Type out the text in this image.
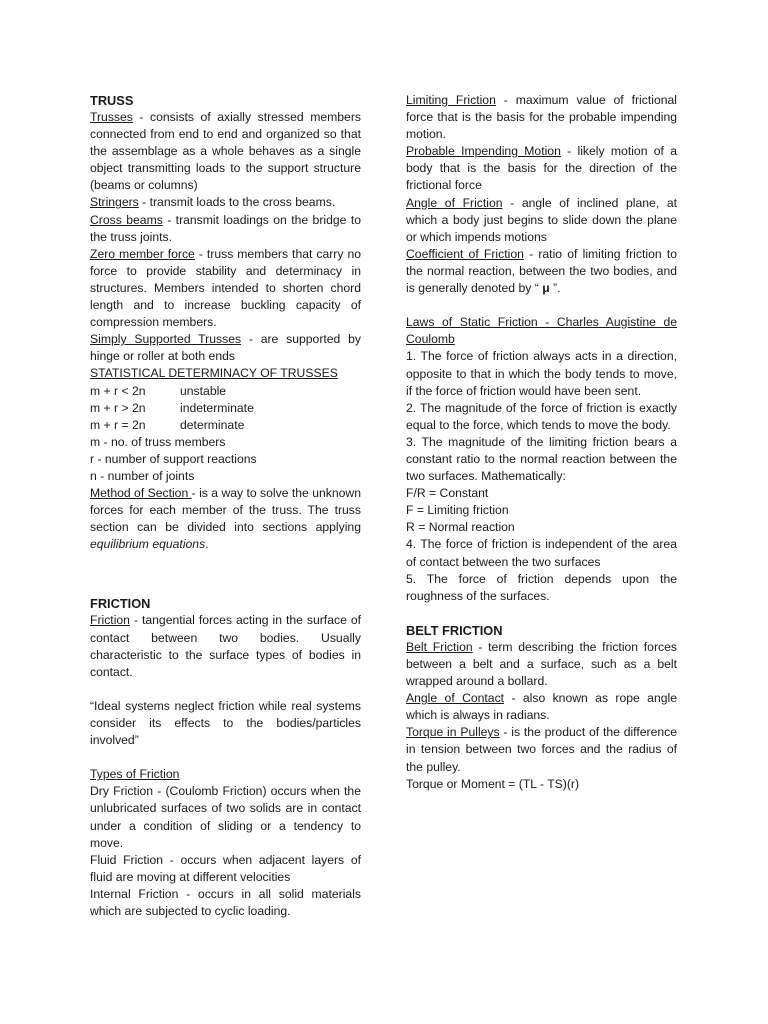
TRUSS

Trusses - consists of axially stressed members connected from end to end and organized so that the assemblage as a whole behaves as a single object transmitting loads to the support structure (beams or columns)

Stringers - transmit loads to the cross beams.

Cross beams - transmit loadings on the bridge to the truss joints.

Zero member force - truss members that carry no force to provide stability and determinacy in structures. Members intended to shorten chord length and to increase buckling capacity of compression members.

Simply Supported Trusses - are supported by hinge or roller at both ends

STATISTICAL DETERMINACY OF TRUSSES

m + r < 2n	unstable
m + r > 2n	indeterminate
m + r = 2n	determinate

m - no. of truss members

r - number of support reactions

n - number of joints

Method of Section - is a way to solve the unknown forces for each member of the truss. The truss section can be divided into sections applying equilibrium equations.

FRICTION

Friction - tangential forces acting in the surface of contact between two bodies. Usually characteristic to the surface types of bodies in contact.

“Ideal systems neglect friction while real systems consider its effects to the bodies/particles involved”

Types of Friction

Dry Friction - (Coulomb Friction) occurs when the unlubricated surfaces of two solids are in contact under a condition of sliding or a tendency to move.

Fluid Friction - occurs when adjacent layers of fluid are moving at different velocities

Internal Friction - occurs in all solid materials which are subjected to cyclic loading.

Limiting Friction - maximum value of frictional force that is the basis for the probable impending motion.

Probable Impending Motion - likely motion of a body that is the basis for the direction of the frictional force

Angle of Friction - angle of inclined plane, at which a body just begins to slide down the plane or which impends motions

Coefficient of Friction - ratio of limiting friction to the normal reaction, between the two bodies, and is generally denoted by “ μ ”.

Laws of Static Friction - Charles Augistine de Coulomb

1. The force of friction always acts in a direction, opposite to that in which the body tends to move, if the force of friction would have been sent.

2. The magnitude of the force of friction is exactly equal to the force, which tends to move the body.

3. The magnitude of the limiting friction bears a constant ratio to the normal reaction between the two surfaces. Mathematically:

F/R = Constant

F = Limiting friction

R = Normal reaction

4. The force of friction is independent of the area of contact between the two surfaces

5. The force of friction depends upon the roughness of the surfaces.

BELT FRICTION

Belt Friction - term describing the friction forces between a belt and a surface, such as a belt wrapped around a bollard.

Angle of Contact - also known as rope angle which is always in radians.

Torque in Pulleys - is the product of the difference in tension between two forces and the radius of the pulley.

Torque or Moment = (TL - TS)(r)
